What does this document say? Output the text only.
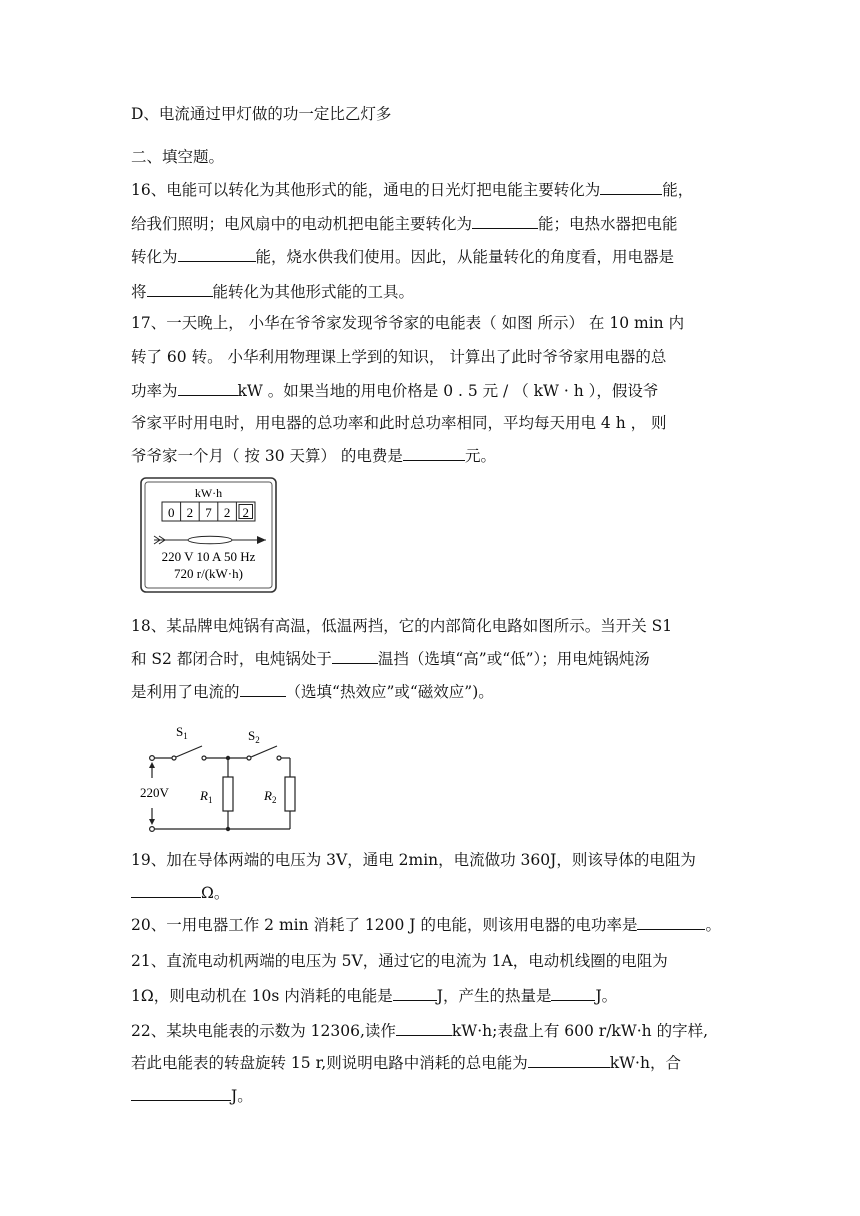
D、电流通过甲灯做的功一定比乙灯多
二、填空题。
16、电能可以转化为其他形式的能，通电的日光灯把电能主要转化为	能，
给我们照明；电风扇中的电动机把电能主要转化为	能；电热水器把电能
转化为	能，烧水供我们使用。因此，从能量转化的角度看，用电器是
将	能转化为其他形式能的工具。
17、一天晚上， 小华在爷爷家发现爷爷家的电能表（ 如图 所示） 在 10 min 内
转了 60 转。 小华利用物理课上学到的知识， 计算出了此时爷爷家用电器的总
功率为	kW 。如果当地的用电价格是 0 . 5 元 / （ kW · h ），假设爷
爷家平时用电时，用电器的总功率和此时总功率相同，平均每天用电 4 h ， 则
爷爷家一个月（ 按 30 天算） 的电费是	元。
kW·h
0 2 7 2 2
220 V 10 A 50 Hz
720 r/(kW·h)
18、某品牌电炖锅有高温，低温两挡，它的内部简化电路如图所示。当开关 S1
和 S2 都闭合时，电炖锅处于	温挡（选填“高”或“低”）；用电炖锅炖汤
是利用了电流的	（选填“热效应”或“磁效应”)。
$S_1$	$S_2$
220V $R_1$	$R_2$
19、加在导体两端的电压为 3V，通电 2min，电流做功 360J，则该导体的电阻为
Ω。
20、一用电器工作 2 min 消耗了 1200 J 的电能，则该用电器的电功率是	。
21、直流电动机两端的电压为 5V，通过它的电流为 1A，电动机线圈的电阻为
1Ω，则电动机在 10s 内消耗的电能是	J，产生的热量是	J。
22、某块电能表的示数为 12306,读作	kW·h;表盘上有 600 r/kW·h 的字样,
若此电能表的转盘旋转 15 r,则说明电路中消耗的总电能为	kW·h，合
J。
